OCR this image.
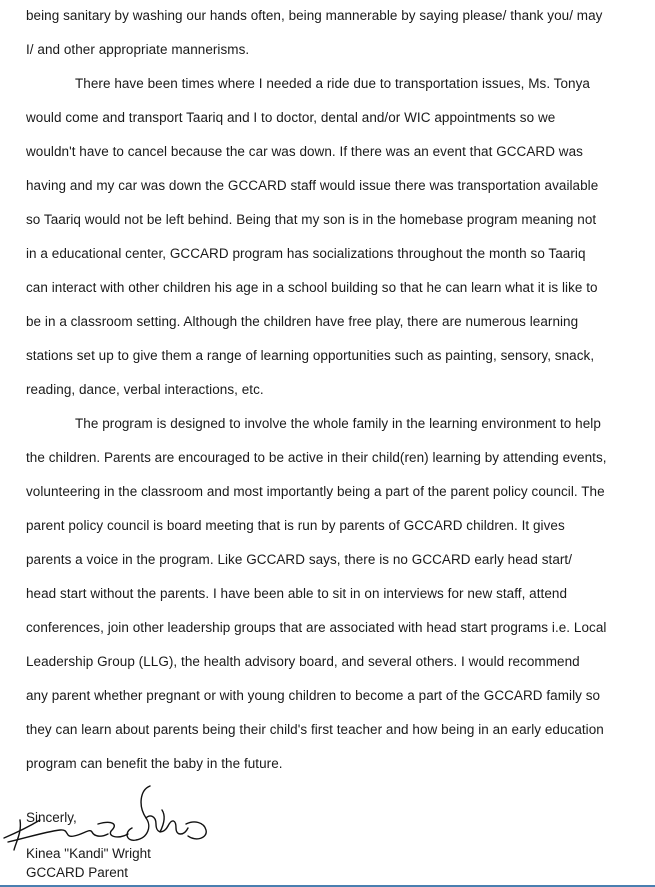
being sanitary by washing our hands often, being mannerable by saying please/ thank you/ may
I/ and other appropriate mannerisms.
There have been times where I needed a ride due to transportation issues, Ms. Tonya
would come and transport Taariq and I to doctor, dental and/or WIC appointments so we
wouldn't have to cancel because the car was down. If there was an event that GCCARD was
having and my car was down the GCCARD staff would issue there was transportation available
so Taariq would not be left behind. Being that my son is in the homebase program meaning not
in a educational center, GCCARD program has socializations throughout the month so Taariq
can interact with other children his age in a school building so that he can learn what it is like to
be in a classroom setting. Although the children have free play, there are numerous learning
stations set up to give them a range of learning opportunities such as painting, sensory, snack,
reading, dance, verbal interactions, etc.
The program is designed to involve the whole family in the learning environment to help
the children. Parents are encouraged to be active in their child(ren) learning by attending events,
volunteering in the classroom and most importantly being a part of the parent policy council. The
parent policy council is board meeting that is run by parents of GCCARD children. It gives
parents a voice in the program. Like GCCARD says, there is no GCCARD early head start/
head start without the parents. I have been able to sit in on interviews for new staff, attend
conferences, join other leadership groups that are associated with head start programs i.e. Local
Leadership Group (LLG), the health advisory board, and several others. I would recommend
any parent whether pregnant or with young children to become a part of the GCCARD family so
they can learn about parents being their child's first teacher and how being in an early education
program can benefit the baby in the future.
Sincerly,
Kinea "Kandi" Wright
GCCARD Parent
